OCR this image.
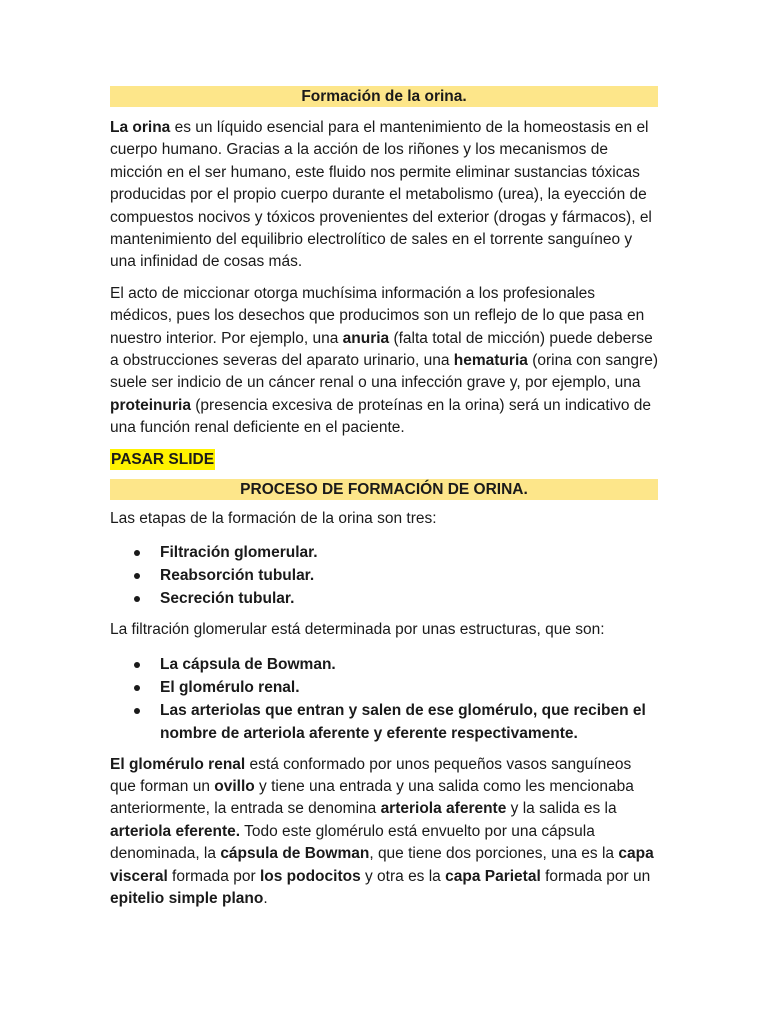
Formación de la orina.

La orina es un líquido esencial para el mantenimiento de la homeostasis en el cuerpo humano. Gracias a la acción de los riñones y los mecanismos de micción en el ser humano, este fluido nos permite eliminar sustancias tóxicas producidas por el propio cuerpo durante el metabolismo (urea), la eyección de compuestos nocivos y tóxicos provenientes del exterior (drogas y fármacos), el mantenimiento del equilibrio electrolítico de sales en el torrente sanguíneo y una infinidad de cosas más.

El acto de miccionar otorga muchísima información a los profesionales médicos, pues los desechos que producimos son un reflejo de lo que pasa en nuestro interior. Por ejemplo, una anuria (falta total de micción) puede deberse a obstrucciones severas del aparato urinario, una hematuria (orina con sangre) suele ser indicio de un cáncer renal o una infección grave y, por ejemplo, una proteinuria (presencia excesiva de proteínas en la orina) será un indicativo de una función renal deficiente en el paciente.

PASAR SLIDE
PROCESO DE FORMACIÓN DE ORINA.

Las etapas de la formación de la orina son tres:

Filtración glomerular.
Reabsorción tubular.
Secreción tubular.

La filtración glomerular está determinada por unas estructuras, que son:

La cápsula de Bowman.
El glomérulo renal.
Las arteriolas que entran y salen de ese glomérulo, que reciben el nombre de arteriola aferente y eferente respectivamente.

El glomérulo renal está conformado por unos pequeños vasos sanguíneos que forman un ovillo y tiene una entrada y una salida como les mencionaba anteriormente, la entrada se denomina arteriola aferente y la salida es la arteriola eferente. Todo este glomérulo está envuelto por una cápsula denominada, la cápsula de Bowman, que tiene dos porciones, una es la capa visceral formada por los podocitos y otra es la capa Parietal formada por un epitelio simple plano.
